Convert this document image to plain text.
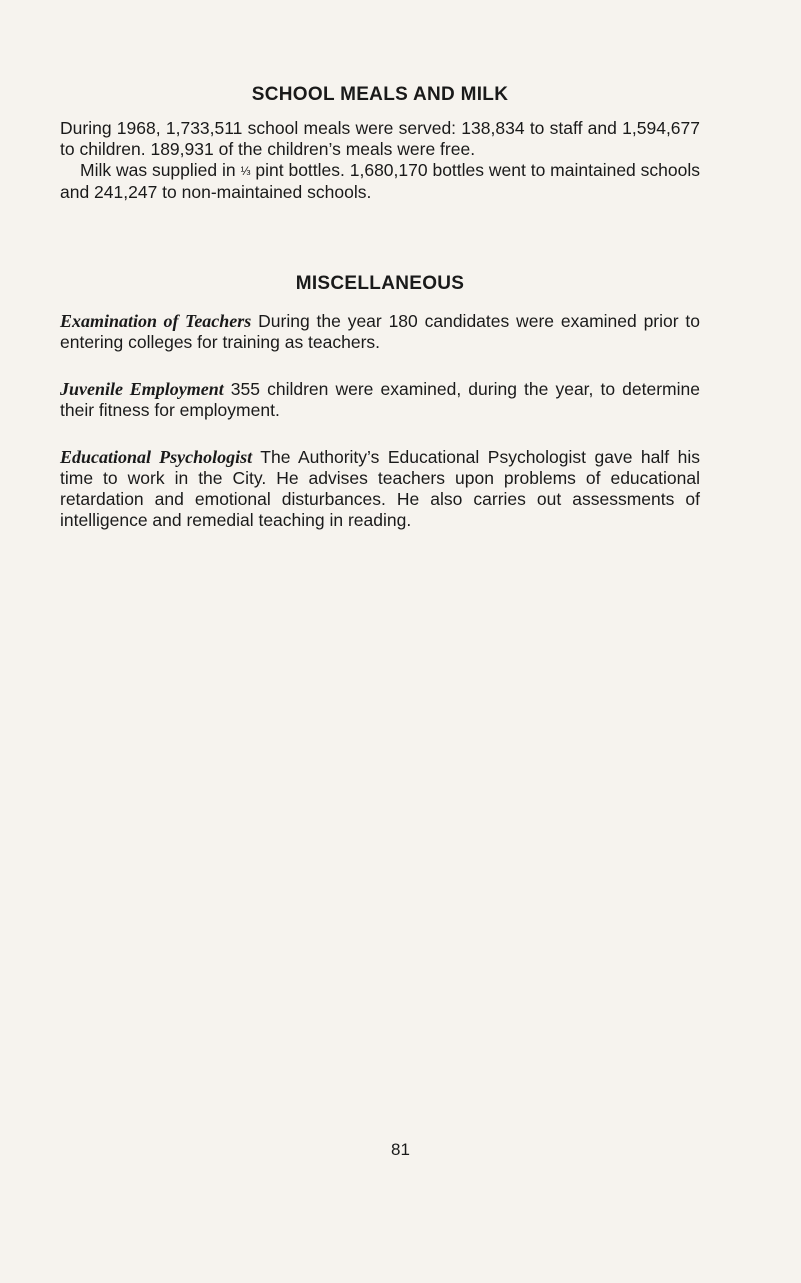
SCHOOL MEALS AND MILK

During 1968, 1,733,511 school meals were served: 138,834 to staff and 1,594,677 to children. 189,931 of the children’s meals were free.

Milk was supplied in ⅓ pint bottles. 1,680,170 bottles went to maintained schools and 241,247 to non-maintained schools.

MISCELLANEOUS

Examination of Teachers During the year 180 candidates were examined prior to entering colleges for training as teachers.

Juvenile Employment 355 children were examined, during the year, to determine their fitness for employment.

Educational Psychologist The Authority’s Educational Psychologist gave half his time to work in the City. He advises teachers upon problems of educational retardation and emotional disturbances. He also carries out assessments of intelligence and remedial teaching in reading.

81
